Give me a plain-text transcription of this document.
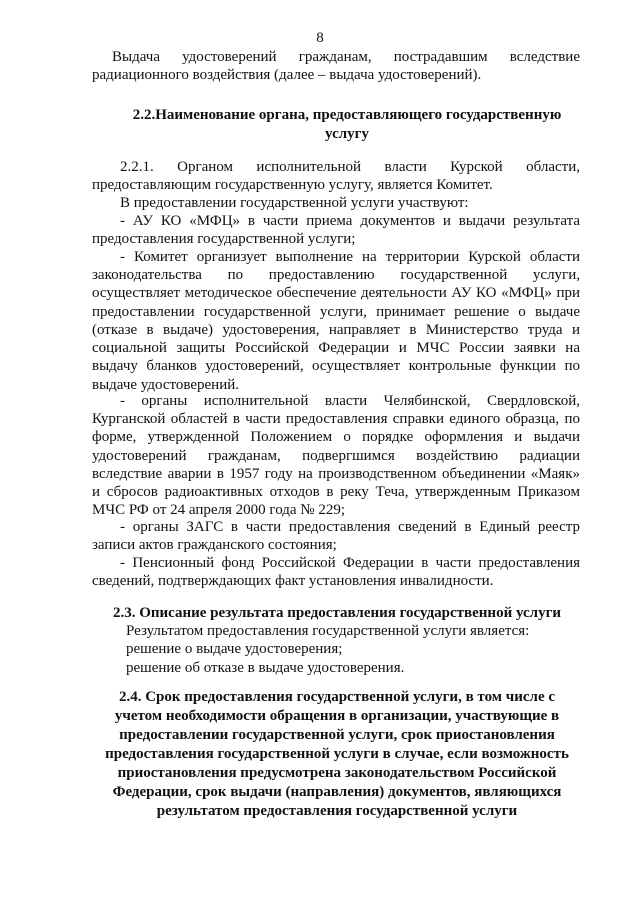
8
Выдача удостоверений гражданам, пострадавшим вследствие
радиационного воздействия (далее – выдача удостоверений).
2.2.Наименование органа, предоставляющего государственную
услугу
2.2.1. Органом исполнительной власти Курской области,
предоставляющим государственную услугу, является Комитет.
В предоставлении государственной услуги участвуют:
- АУ КО «МФЦ» в части приема документов и выдачи результата
предоставления государственной услуги;
- Комитет организует выполнение на территории Курской области
законодательства по предоставлению государственной услуги,
осуществляет методическое обеспечение деятельности АУ КО «МФЦ» при
предоставлении государственной услуги, принимает решение о выдаче
(отказе в выдаче) удостоверения, направляет в Министерство труда и
социальной защиты Российской Федерации и МЧС России заявки на
выдачу бланков удостоверений, осуществляет контрольные функции по
выдаче удостоверений.
- органы исполнительной власти Челябинской, Свердловской,
Курганской областей в части предоставления справки единого образца, по
форме, утвержденной Положением о порядке оформления и выдачи
удостоверений гражданам, подвергшимся воздействию радиации
вследствие аварии в 1957 году на производственном объединении «Маяк»
и сбросов радиоактивных отходов в реку Теча, утвержденным Приказом
МЧС РФ от 24 апреля 2000 года № 229;
- органы ЗАГС в части предоставления сведений в Единый реестр
записи актов гражданского состояния;
- Пенсионный фонд Российской Федерации в части предоставления
сведений, подтверждающих факт установления инвалидности.
2.3. Описание результата предоставления государственной услуги
Результатом предоставления государственной услуги является:
решение о выдаче удостоверения;
решение об отказе в выдаче удостоверения.
2.4. Срок предоставления государственной услуги, в том числе с
учетом необходимости обращения в организации, участвующие в
предоставлении государственной услуги, срок приостановления
предоставления государственной услуги в случае, если возможность
приостановления предусмотрена законодательством Российской
Федерации, срок выдачи (направления) документов, являющихся
результатом предоставления государственной услуги
